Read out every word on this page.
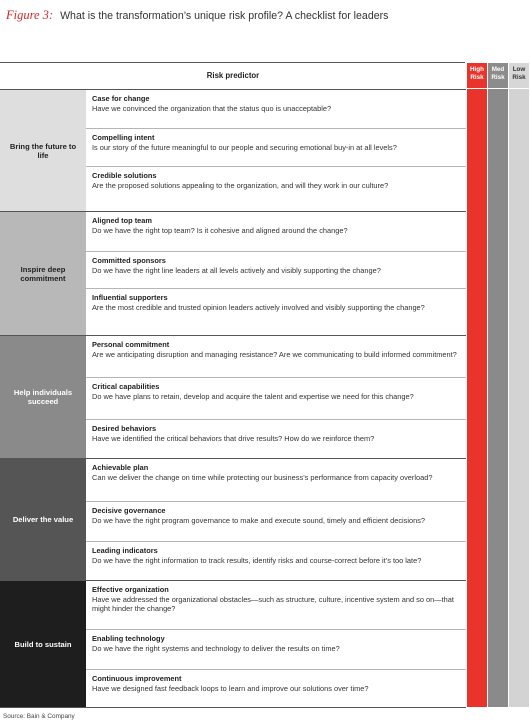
Figure 3: What is the transformation’s unique risk profile? A checklist for leaders
Risk predictor
High Risk
Med Risk
Low Risk
Bring the future to life
Case for change
Have we convinced the organization that the status quo is unacceptable?
Compelling intent
Is our story of the future meaningful to our people and securing emotional buy-in at all levels?
Credible solutions
Are the proposed solutions appealing to the organization, and will they work in our culture?
Inspire deep commitment
Aligned top team
Do we have the right top team? Is it cohesive and aligned around the change?
Committed sponsors
Do we have the right line leaders at all levels actively and visibly supporting the change?
Influential supporters
Are the most credible and trusted opinion leaders actively involved and visibly supporting the change?
Help individuals succeed
Personal commitment
Are we anticipating disruption and managing resistance? Are we communicating to build informed commitment?
Critical capabilities
Do we have plans to retain, develop and acquire the talent and expertise we need for this change?
Desired behaviors
Have we identified the critical behaviors that drive results? How do we reinforce them?
Deliver the value
Achievable plan
Can we deliver the change on time while protecting our business’s performance from capacity overload?
Decisive governance
Do we have the right program governance to make and execute sound, timely and efficient decisions?
Leading indicators
Do we have the right information to track results, identify risks and course-correct before it’s too late?
Build to sustain
Effective organization
Have we addressed the organizational obstacles—such as structure, culture, incentive system and so on—that might hinder the change?
Enabling technology
Do we have the right systems and technology to deliver the results on time?
Continuous improvement
Have we designed fast feedback loops to learn and improve our solutions over time?
Source: Bain & Company
